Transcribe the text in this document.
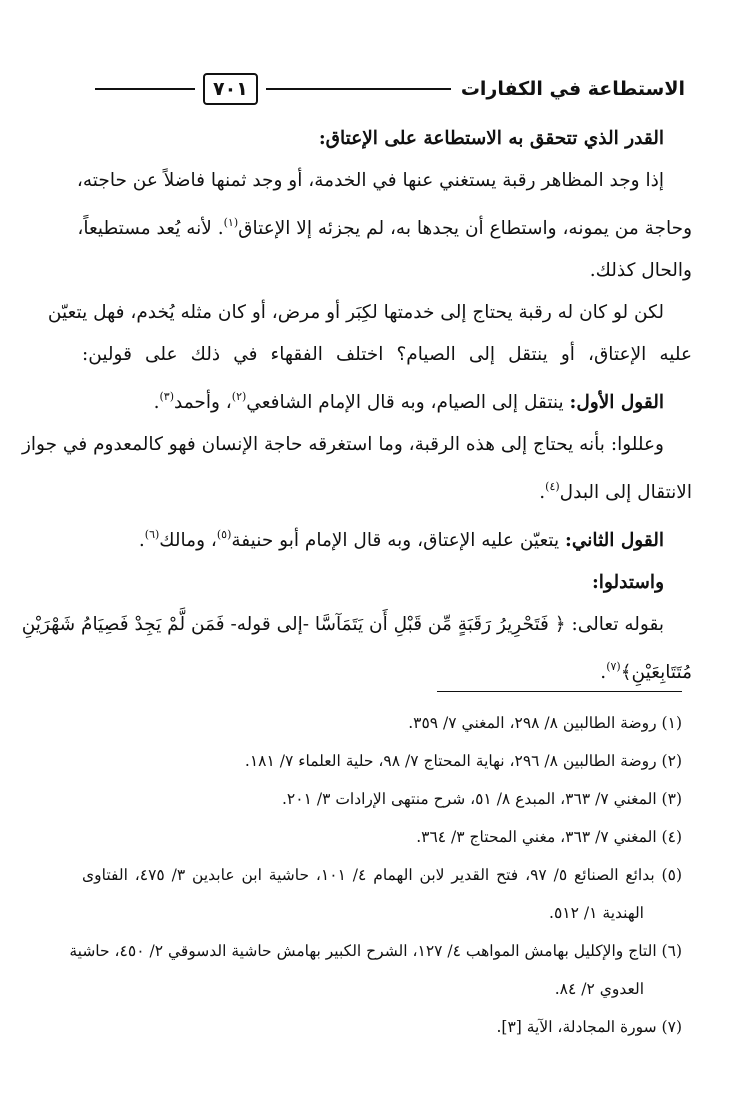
الاستطاعة في الكفارات
٧٠١
القدر الذي تتحقق به الاستطاعة على الإعتاق:
إذا وجد المظاهر رقبة يستغني عنها في الخدمة، أو وجد ثمنها فاضلاً عن حاجته،
وحاجة من يمونه، واستطاع أن يجدها به، لم يجزئه إلا الإعتاق$^{(١)}$. لأنه يُعد مستطيعاً،
والحال كذلك.
لكن لو كان له رقبة يحتاج إلى خدمتها لكِبَر أو مرض، أو كان مثله يُخدم، فهل يتعيّن
عليه الإعتاق، أو ينتقل إلى الصيام؟ اختلف الفقهاء في ذلك على قولين:
القول الأول: ينتقل إلى الصيام، وبه قال الإمام الشافعي$^{(٢)}$، وأحمد$^{(٣)}$.
وعللوا: بأنه يحتاج إلى هذه الرقبة، وما استغرقه حاجة الإنسان فهو كالمعدوم في جواز
الانتقال إلى البدل$^{(٤)}$.
القول الثاني: يتعيّن عليه الإعتاق، وبه قال الإمام أبو حنيفة$^{(٥)}$، ومالك$^{(٦)}$.
واستدلوا:
بقوله تعالى: ﴿ فَتَحْرِيرُ رَقَبَةٍ مِّن قَبْلِ أَن يَتَمَآسَّا -إلى قوله- فَمَن لَّمْ يَجِدْ فَصِيَامُ شَهْرَيْنِ
مُتَتَابِعَيْنِ﴾$^{(٧)}$.
(١) روضة الطالبين ٨/ ٢٩٨، المغني ٧/ ٣٥٩.
(٢) روضة الطالبين ٨/ ٢٩٦، نهاية المحتاج ٧/ ٩٨، حلية العلماء ٧/ ١٨١.
(٣) المغني ٧/ ٣٦٣، المبدع ٨/ ٥١، شرح منتهى الإرادات ٣/ ٢٠١.
(٤) المغني ٧/ ٣٦٣، مغني المحتاج ٣/ ٣٦٤.
(٥) بدائع الصنائع ٥/ ٩٧، فتح القدير لابن الهمام ٤/ ١٠١، حاشية ابن عابدين ٣/ ٤٧٥، الفتاوى
الهندية ١/ ٥١٢.
(٦) التاج والإكليل بهامش المواهب ٤/ ١٢٧، الشرح الكبير بهامش حاشية الدسوقي ٢/ ٤٥٠، حاشية
العدوي ٢/ ٨٤.
(٧) سورة المجادلة، الآية [٣].
